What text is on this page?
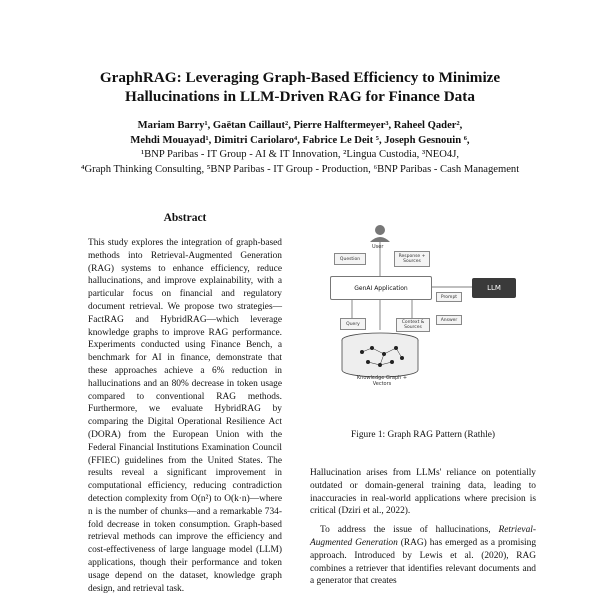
GraphRAG: Leveraging Graph-Based Efficiency to Minimize
Hallucinations in LLM-Driven RAG for Finance Data
Mariam Barry¹, Gaëtan Caillaut², Pierre Halftermeyer³, Raheel Qader²,
Mehdi Mouayad¹, Dimitri Cariolaro⁴, Fabrice Le Deit ⁵, Joseph Gesnouin ⁶,
¹BNP Paribas - IT Group - AI & IT Innovation, ²Lingua Custodia, ³NEO4J,
⁴Graph Thinking Consulting, ⁵BNP Paribas - IT Group - Production, ⁶BNP Paribas - Cash Management
Abstract
This study explores the integration of graph-based methods into Retrieval-Augmented Generation (RAG) systems to enhance efficiency, reduce hallucinations, and improve explainability, with a particular focus on financial and regulatory document retrieval. We propose two strategies—FactRAG and HybridRAG—which leverage knowledge graphs to improve RAG performance. Experiments conducted using Finance Bench, a benchmark for AI in finance, demonstrate that these approaches achieve a 6% reduction in hallucinations and an 80% decrease in token usage compared to conventional RAG methods. Furthermore, we evaluate HybridRAG by comparing the Digital Operational Resilience Act (DORA) from the European Union with the Federal Financial Institutions Examination Council (FFIEC) guidelines from the United States. The results reveal a significant improvement in computational efficiency, reducing contradiction detection complexity from O(n²) to O(k·n)—where n is the number of chunks—and a remarkable 734-fold decrease in token consumption. Graph-based retrieval methods can improve the efficiency and cost-effectiveness of large language model (LLM) applications, though their performance and token usage depend on the dataset, knowledge graph design, and retrieval task.
User
Question	Response + Sources
GenAI Application	LLM
Prompt
Answer
Query	Context & Sources
Knowledge Graph + Vectors
Figure 1: Graph RAG Pattern (Rathle)

Hallucination arises from LLMs' reliance on potentially outdated or domain-general training data, leading to inaccuracies in real-world applications where precision is critical (Dziri et al., 2022).

To address the issue of hallucinations, Retrieval-Augmented Generation (RAG) has emerged as a promising approach. Introduced by Lewis et al. (2020), RAG combines a retriever that identifies relevant documents and a generator that creates
